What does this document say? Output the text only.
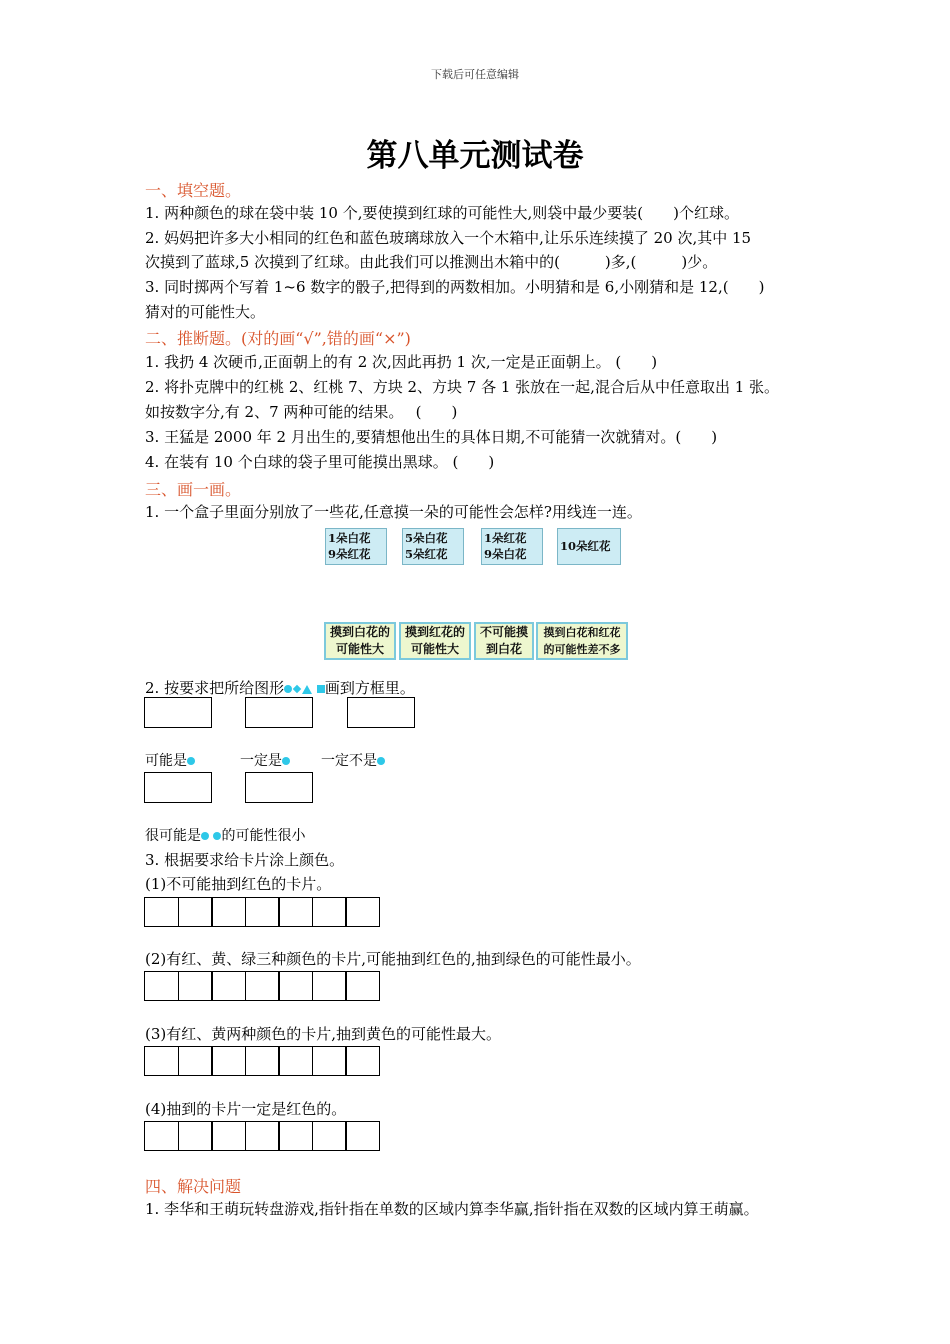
下载后可任意编辑
第八单元测试卷
一、填空题。
1. 两种颜色的球在袋中装 10 个,要使摸到红球的可能性大,则袋中最少要装(　　)个红球。
2. 妈妈把许多大小相同的红色和蓝色玻璃球放入一个木箱中,让乐乐连续摸了 20 次,其中 15
次摸到了蓝球,5 次摸到了红球。由此我们可以推测出木箱中的(　　　)多,(　　　)少。
3. 同时掷两个写着 1~6 数字的骰子,把得到的两数相加。小明猜和是 6,小刚猜和是 12,(　　)
猜对的可能性大。
二、推断题。(对的画“√”,错的画“×”)
1. 我扔 4 次硬币,正面朝上的有 2 次,因此再扔 1 次,一定是正面朝上。 (　　)
2. 将扑克牌中的红桃 2、红桃 7、方块 2、方块 7 各 1 张放在一起,混合后从中任意取出 1 张。
如按数字分,有 2、7 两种可能的结果。　 (　　)
3. 王猛是 2000 年 2 月出生的,要猜想他出生的具体日期,不可能猜一次就猜对。(　　)
4. 在装有 10 个白球的袋子里可能摸出黑球。 (　　)
三、画一画。
1. 一个盒子里面分别放了一些花,任意摸一朵的可能性会怎样?用线连一连。
1朵白花
9朵红花
5朵白花
5朵红花
1朵红花
9朵白花
10朵红花
摸到白花的
可能性大
摸到红花的
可能性大
不可能摸
到白花
摸到白花和红花
的可能性差不多
2. 按要求把所给图形	画到方框里。
可能是	一定是	一定不是
很可能是 的可能性很小
3. 根据要求给卡片涂上颜色。
(1)不可能抽到红色的卡片。
(2)有红、黄、绿三种颜色的卡片,可能抽到红色的,抽到绿色的可能性最小。
(3)有红、黄两种颜色的卡片,抽到黄色的可能性最大。
(4)抽到的卡片一定是红色的。
四、解决问题
1. 李华和王萌玩转盘游戏,指针指在单数的区域内算李华赢,指针指在双数的区域内算王萌赢。
